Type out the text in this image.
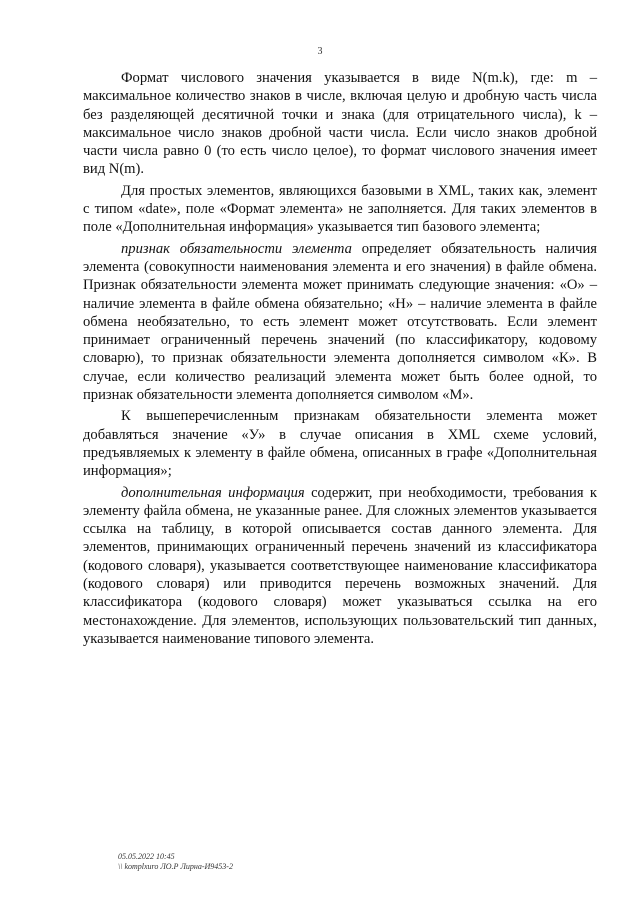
3

Формат числового значения указывается в виде N(m.k), где: m – максимальное количество знаков в числе, включая целую и дробную часть числа без разделяющей десятичной точки и знака (для отрицательного числа), k – максимальное число знаков дробной части числа. Если число знаков дробной части числа равно 0 (то есть число целое), то формат числового значения имеет вид N(m).

Для простых элементов, являющихся базовыми в XML, таких как, элемент с типом «date», поле «Формат элемента» не заполняется. Для таких элементов в поле «Дополнительная информация» указывается тип базового элемента;

признак обязательности элемента определяет обязательность наличия элемента (совокупности наименования элемента и его значения) в файле обмена. Признак обязательности элемента может принимать следующие значения: «О» – наличие элемента в файле обмена обязательно; «Н» – наличие элемента в файле обмена необязательно, то есть элемент может отсутствовать. Если элемент принимает ограниченный перечень значений (по классификатору, кодовому словарю), то признак обязательности элемента дополняется символом «К». В случае, если количество реализаций элемента может быть более одной, то признак обязательности элемента дополняется символом «М».

К вышеперечисленным признакам обязательности элемента может добавляться значение «У» в случае описания в XML схеме условий, предъявляемых к элементу в файле обмена, описанных в графе «Дополнительная информация»;

дополнительная информация содержит, при необходимости, требования к элементу файла обмена, не указанные ранее. Для сложных элементов указывается ссылка на таблицу, в которой описывается состав данного элемента. Для элементов, принимающих ограниченный перечень значений из классификатора (кодового словаря), указывается соответствующее наименование классификатора (кодового словаря) или приводится перечень возможных значений. Для классификатора (кодового словаря) может указываться ссылка на его местонахождение. Для элементов, использующих пользовательский тип данных, указывается наименование типового элемента.

05.05.2022 10:45
\\ komplxuro ЛО.Р Лирна-И9453-2
